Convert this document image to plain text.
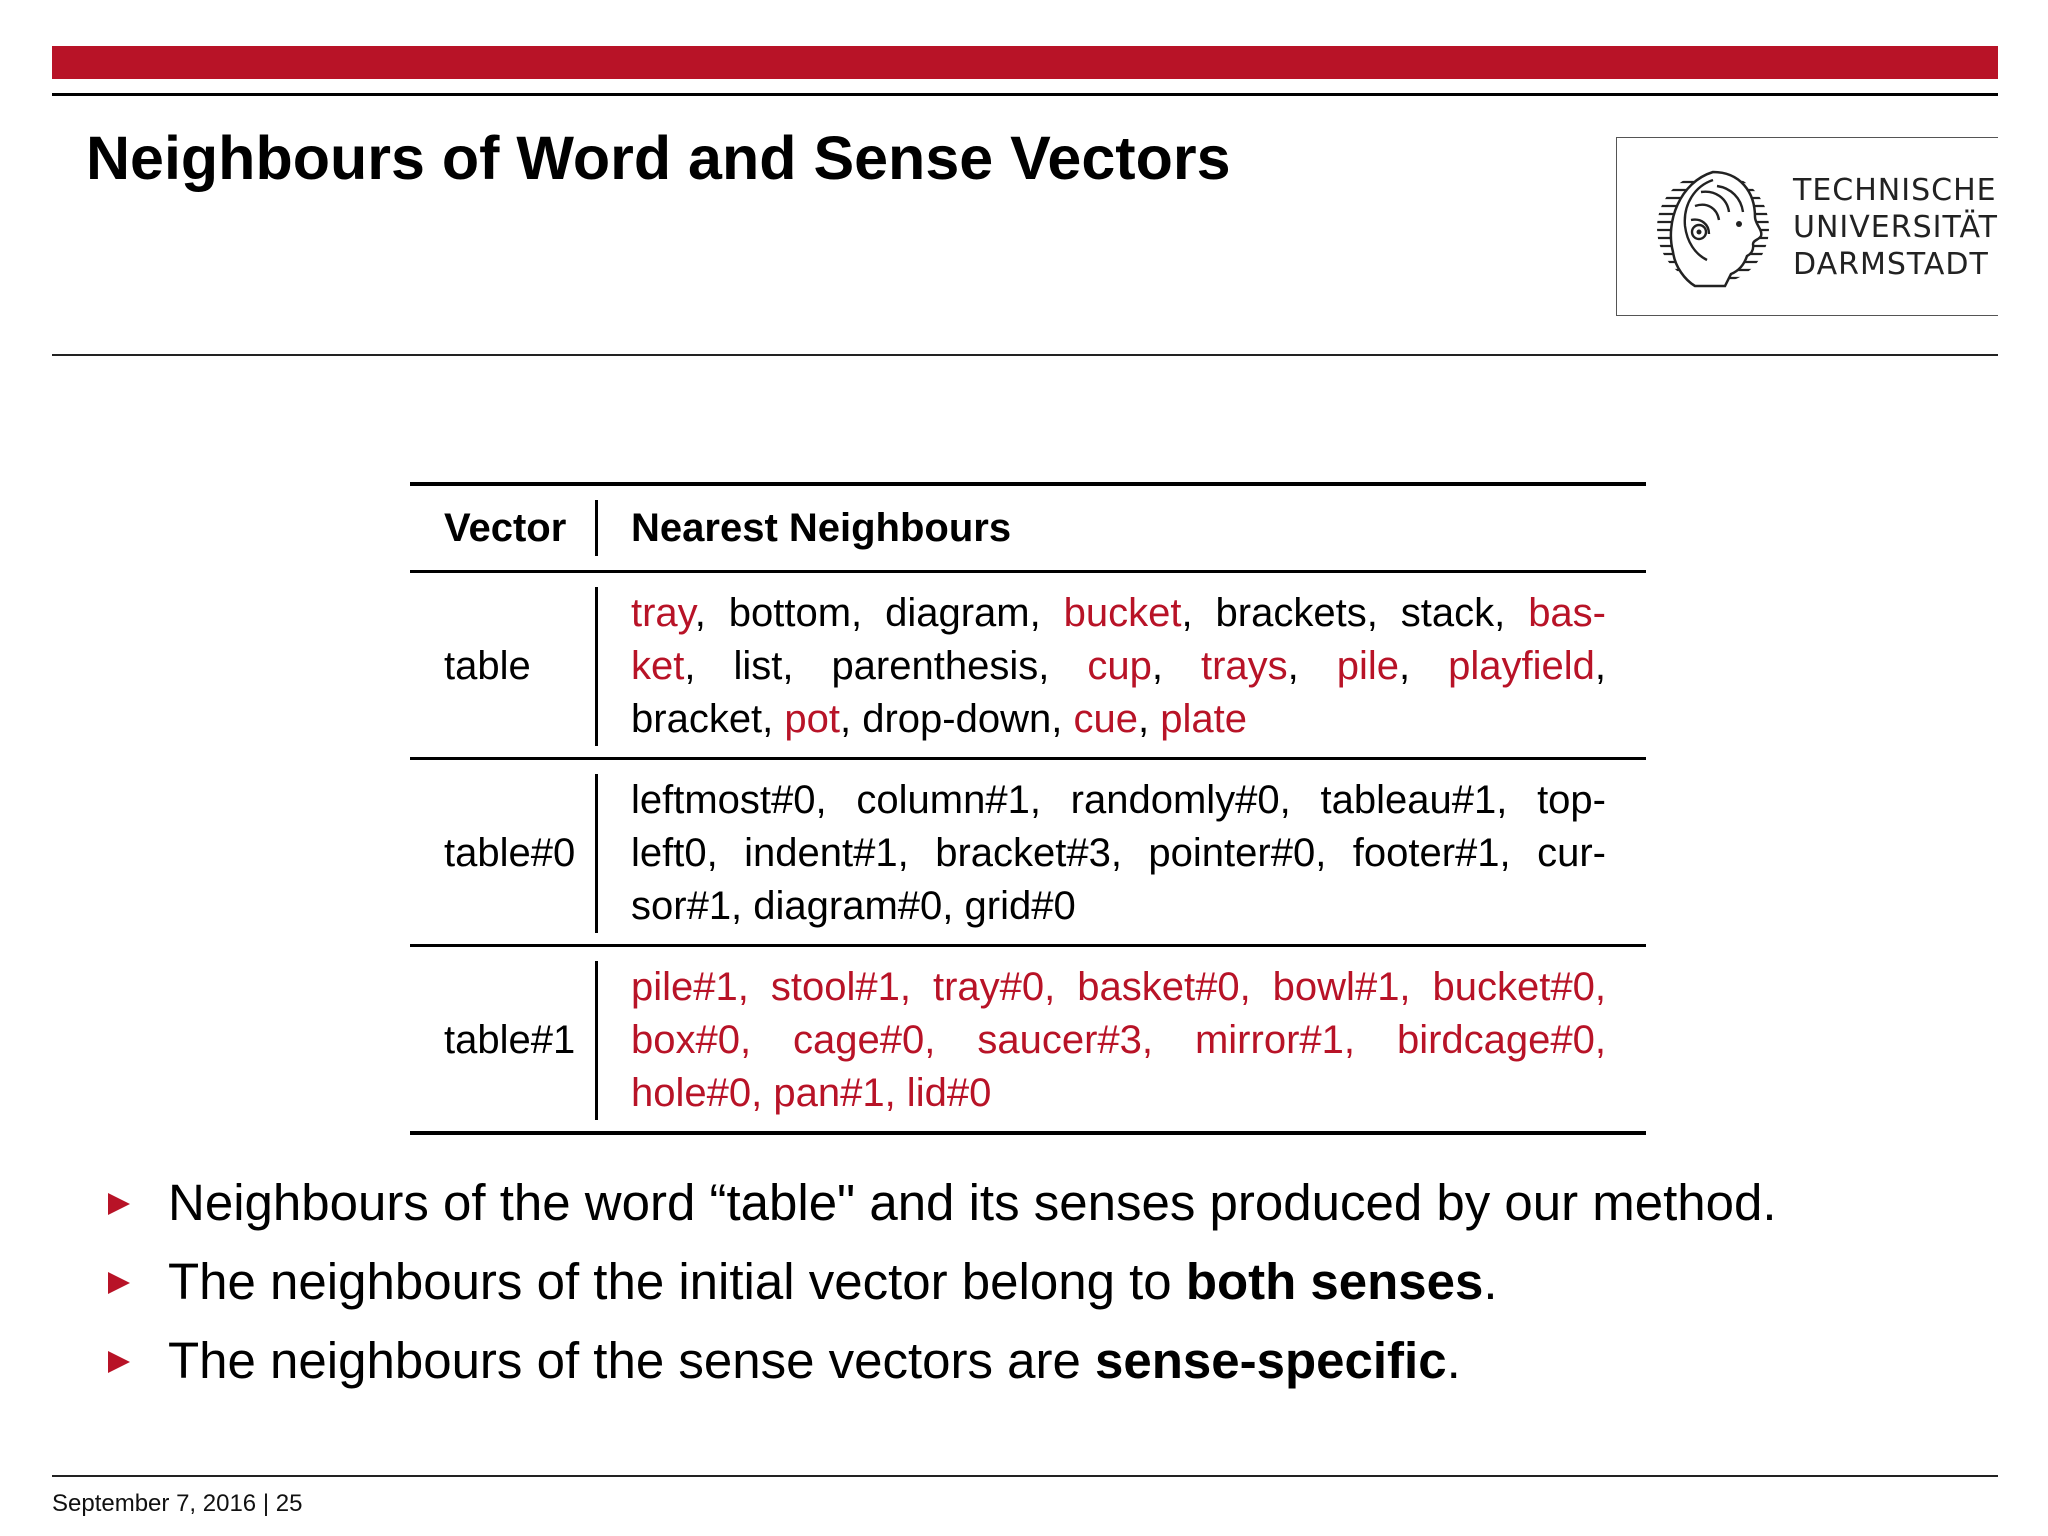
Neighbours of Word and Sense Vectors	TECHNISCHE
UNIVERSITÄT
DARMSTADT
Vector	Nearest Neighbours
table
tray, bottom, diagram, bucket, brackets, stack, bas-
ket, list, parenthesis, cup, trays, pile, playfield,
bracket, pot, drop-down, cue, plate
table#0
leftmost#0, column#1, randomly#0, tableau#1, top-
left0, indent#1, bracket#3, pointer#0, footer#1, cur-
sor#1, diagram#0, grid#0
table#1
pile#1, stool#1, tray#0, basket#0, bowl#1, bucket#0,
box#0, cage#0, saucer#3, mirror#1, birdcage#0,
hole#0, pan#1, lid#0
Neighbours of the word “table" and its senses produced by our method.
The neighbours of the initial vector belong to both senses.
The neighbours of the sense vectors are sense-specific.
September 7, 2016 | 25
